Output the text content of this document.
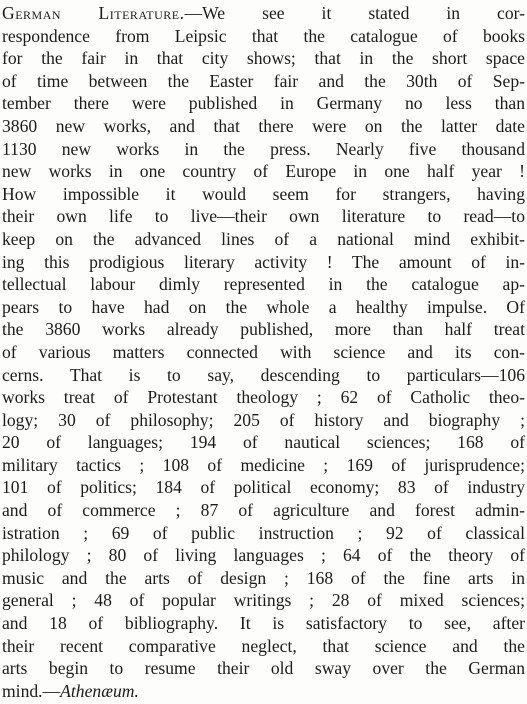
German Literature.—We see it stated in cor-
respondence from Leipsic that the catalogue of books
for the fair in that city shows; that in the short space
of time between the Easter fair and the 30th of Sep-
tember there were published in Germany no less than
3860 new works, and that there were on the latter date
1130 new works in the press. Nearly five thousand
new works in one country of Europe in one half year !
How impossible it would seem for strangers, having
their own life to live—their own literature to read—to
keep on the advanced lines of a national mind exhibit-
ing this prodigious literary activity ! The amount of in-
tellectual labour dimly represented in the catalogue ap-
pears to have had on the whole a healthy impulse. Of
the 3860 works already published, more than half treat
of various matters connected with science and its con-
cerns. That is to say, descending to particulars—106
works treat of Protestant theology ; 62 of Catholic theo-
logy; 30 of philosophy; 205 of history and biography ;
20 of languages; 194 of nautical sciences; 168 of
military tactics ; 108 of medicine ; 169 of jurisprudence;
101 of politics; 184 of political economy; 83 of industry
and of commerce ; 87 of agriculture and forest admin-
istration ; 69 of public instruction ; 92 of classical
philology ; 80 of living languages ; 64 of the theory of
music and the arts of design ; 168 of the fine arts in
general ; 48 of popular writings ; 28 of mixed sciences;
and 18 of bibliography. It is satisfactory to see, after
their recent comparative neglect, that science and the
arts begin to resume their old sway over the German
mind.—Athenæum.
